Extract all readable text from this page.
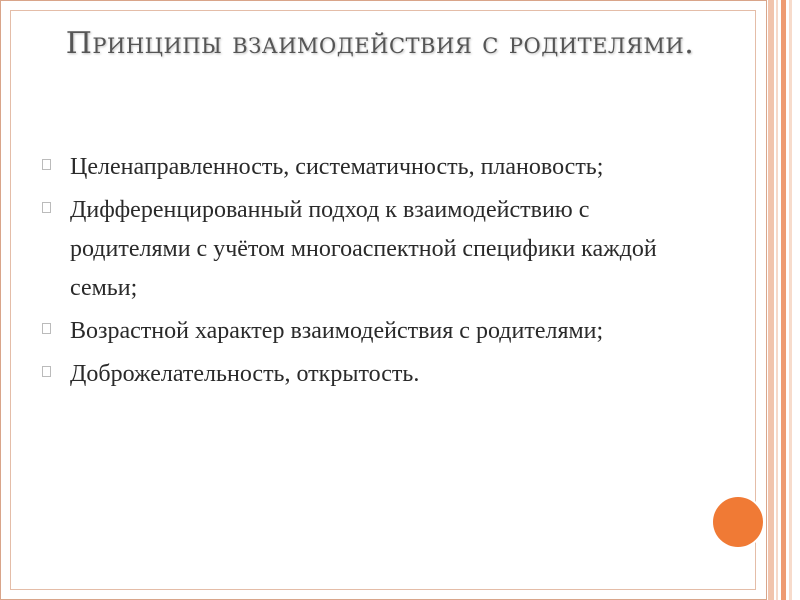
Принципы взаимодействия с родителями.
Целенаправленность, систематичность, плановость;
Дифференцированный подход к взаимодействию с родителями с учётом многоаспектной специфики каждой семьи;
Возрастной характер взаимодействия с родителями;
Доброжелательность, открытость.
